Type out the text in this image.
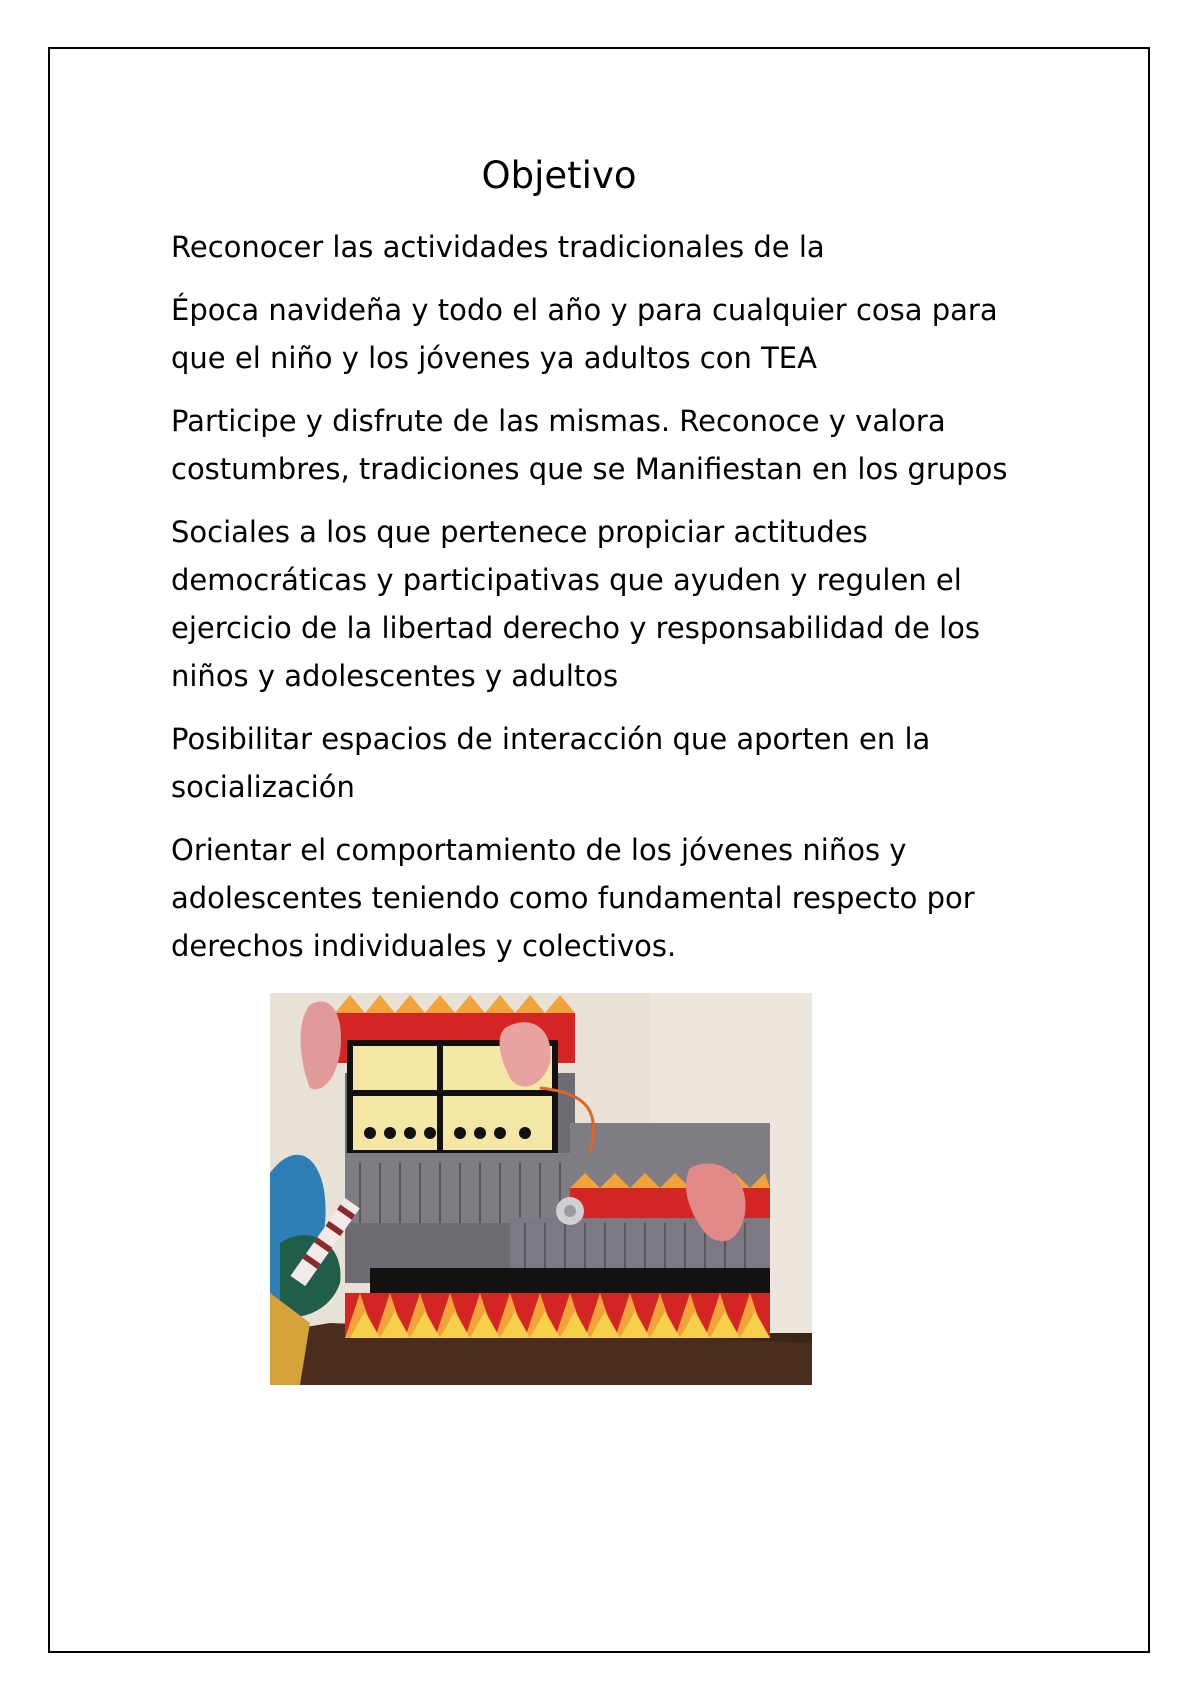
Objetivo

Reconocer las actividades tradicionales de la

Época navideña y todo el año y para cualquier cosa para
que el niño y los jóvenes ya adultos con TEA

Participe y disfrute de las mismas. Reconoce y valora
costumbres, tradiciones que se Manifiestan en los grupos

Sociales a los que pertenece propiciar actitudes
democráticas y participativas que ayuden y regulen el
ejercicio de la libertad derecho y responsabilidad de los
niños y adolescentes y adultos

Posibilitar espacios de interacción que aporten en la
socialización

Orientar el comportamiento de los jóvenes niños y
adolescentes teniendo como fundamental respecto por
derechos individuales y colectivos.
